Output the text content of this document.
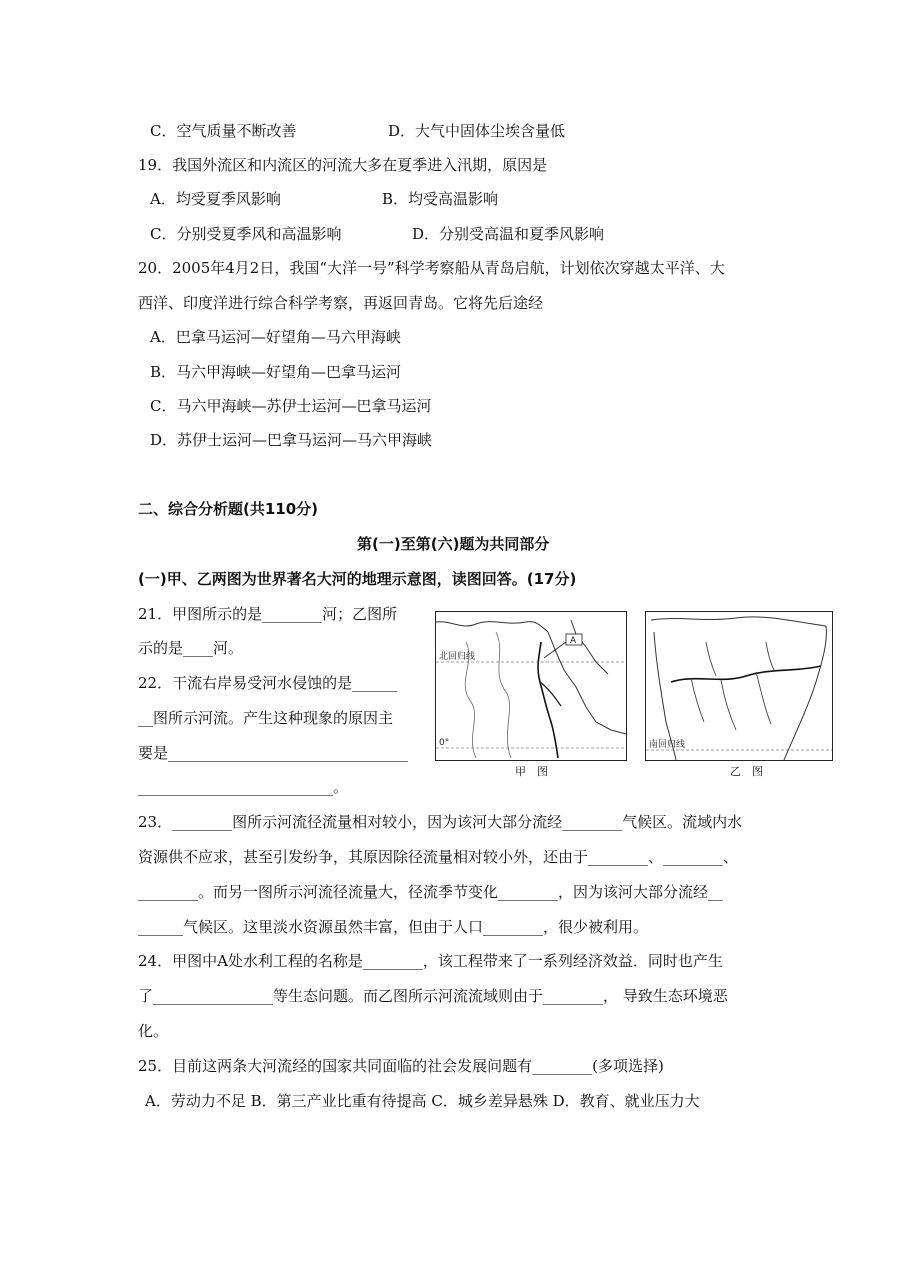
C．空气质量不断改善	D．大气中固体尘埃含量低
19．我国外流区和内流区的河流大多在夏季进入汛期，原因是
A．均受夏季风影响	B．均受高温影响
C．分别受夏季风和高温影响	D．分别受高温和夏季风影响
20．2005年4月2日，我国“大洋一号”科学考察船从青岛启航，计划依次穿越太平洋、大
西洋、印度洋进行综合科学考察，再返回青岛。它将先后途经
A．巴拿马运河—好望角—马六甲海峡
B．马六甲海峡—好望角—巴拿马运河
C．马六甲海峡—苏伊士运河—巴拿马运河
D．苏伊士运河—巴拿马运河—马六甲海峡
二、综合分析题(共110分)
第(一)至第(六)题为共同部分
(一)甲、乙两图为世界著名大河的地理示意图，读图回答。(17分)
21．甲图所示的是________河；乙图所
示的是____河。
22．干流右岸易受河水侵蚀的是______
__图所示河流。产生这种现象的原因主
要是________________________________
__________________________。
A
北回归线
0°
甲　图
南回归线
乙　图
23．________图所示河流径流量相对较小，因为该河大部分流经________气候区。流域内水
资源供不应求，甚至引发纷争，其原因除径流量相对较小外，还由于________、________、
________。而另一图所示河流径流量大，径流季节变化________，因为该河大部分流经__
______气候区。这里淡水资源虽然丰富，但由于人口________，很少被利用。
24．甲图中A处水利工程的名称是________，该工程带来了一系列经济效益．同时也产生
了________________等生态问题。而乙图所示河流流域则由于________， 导致生态环境恶
化。
25．目前这两条大河流经的国家共同面临的社会发展问题有________(多项选择)
A．劳动力不足 B．第三产业比重有待提高 C．城乡差异悬殊 D．教育、就业压力大
